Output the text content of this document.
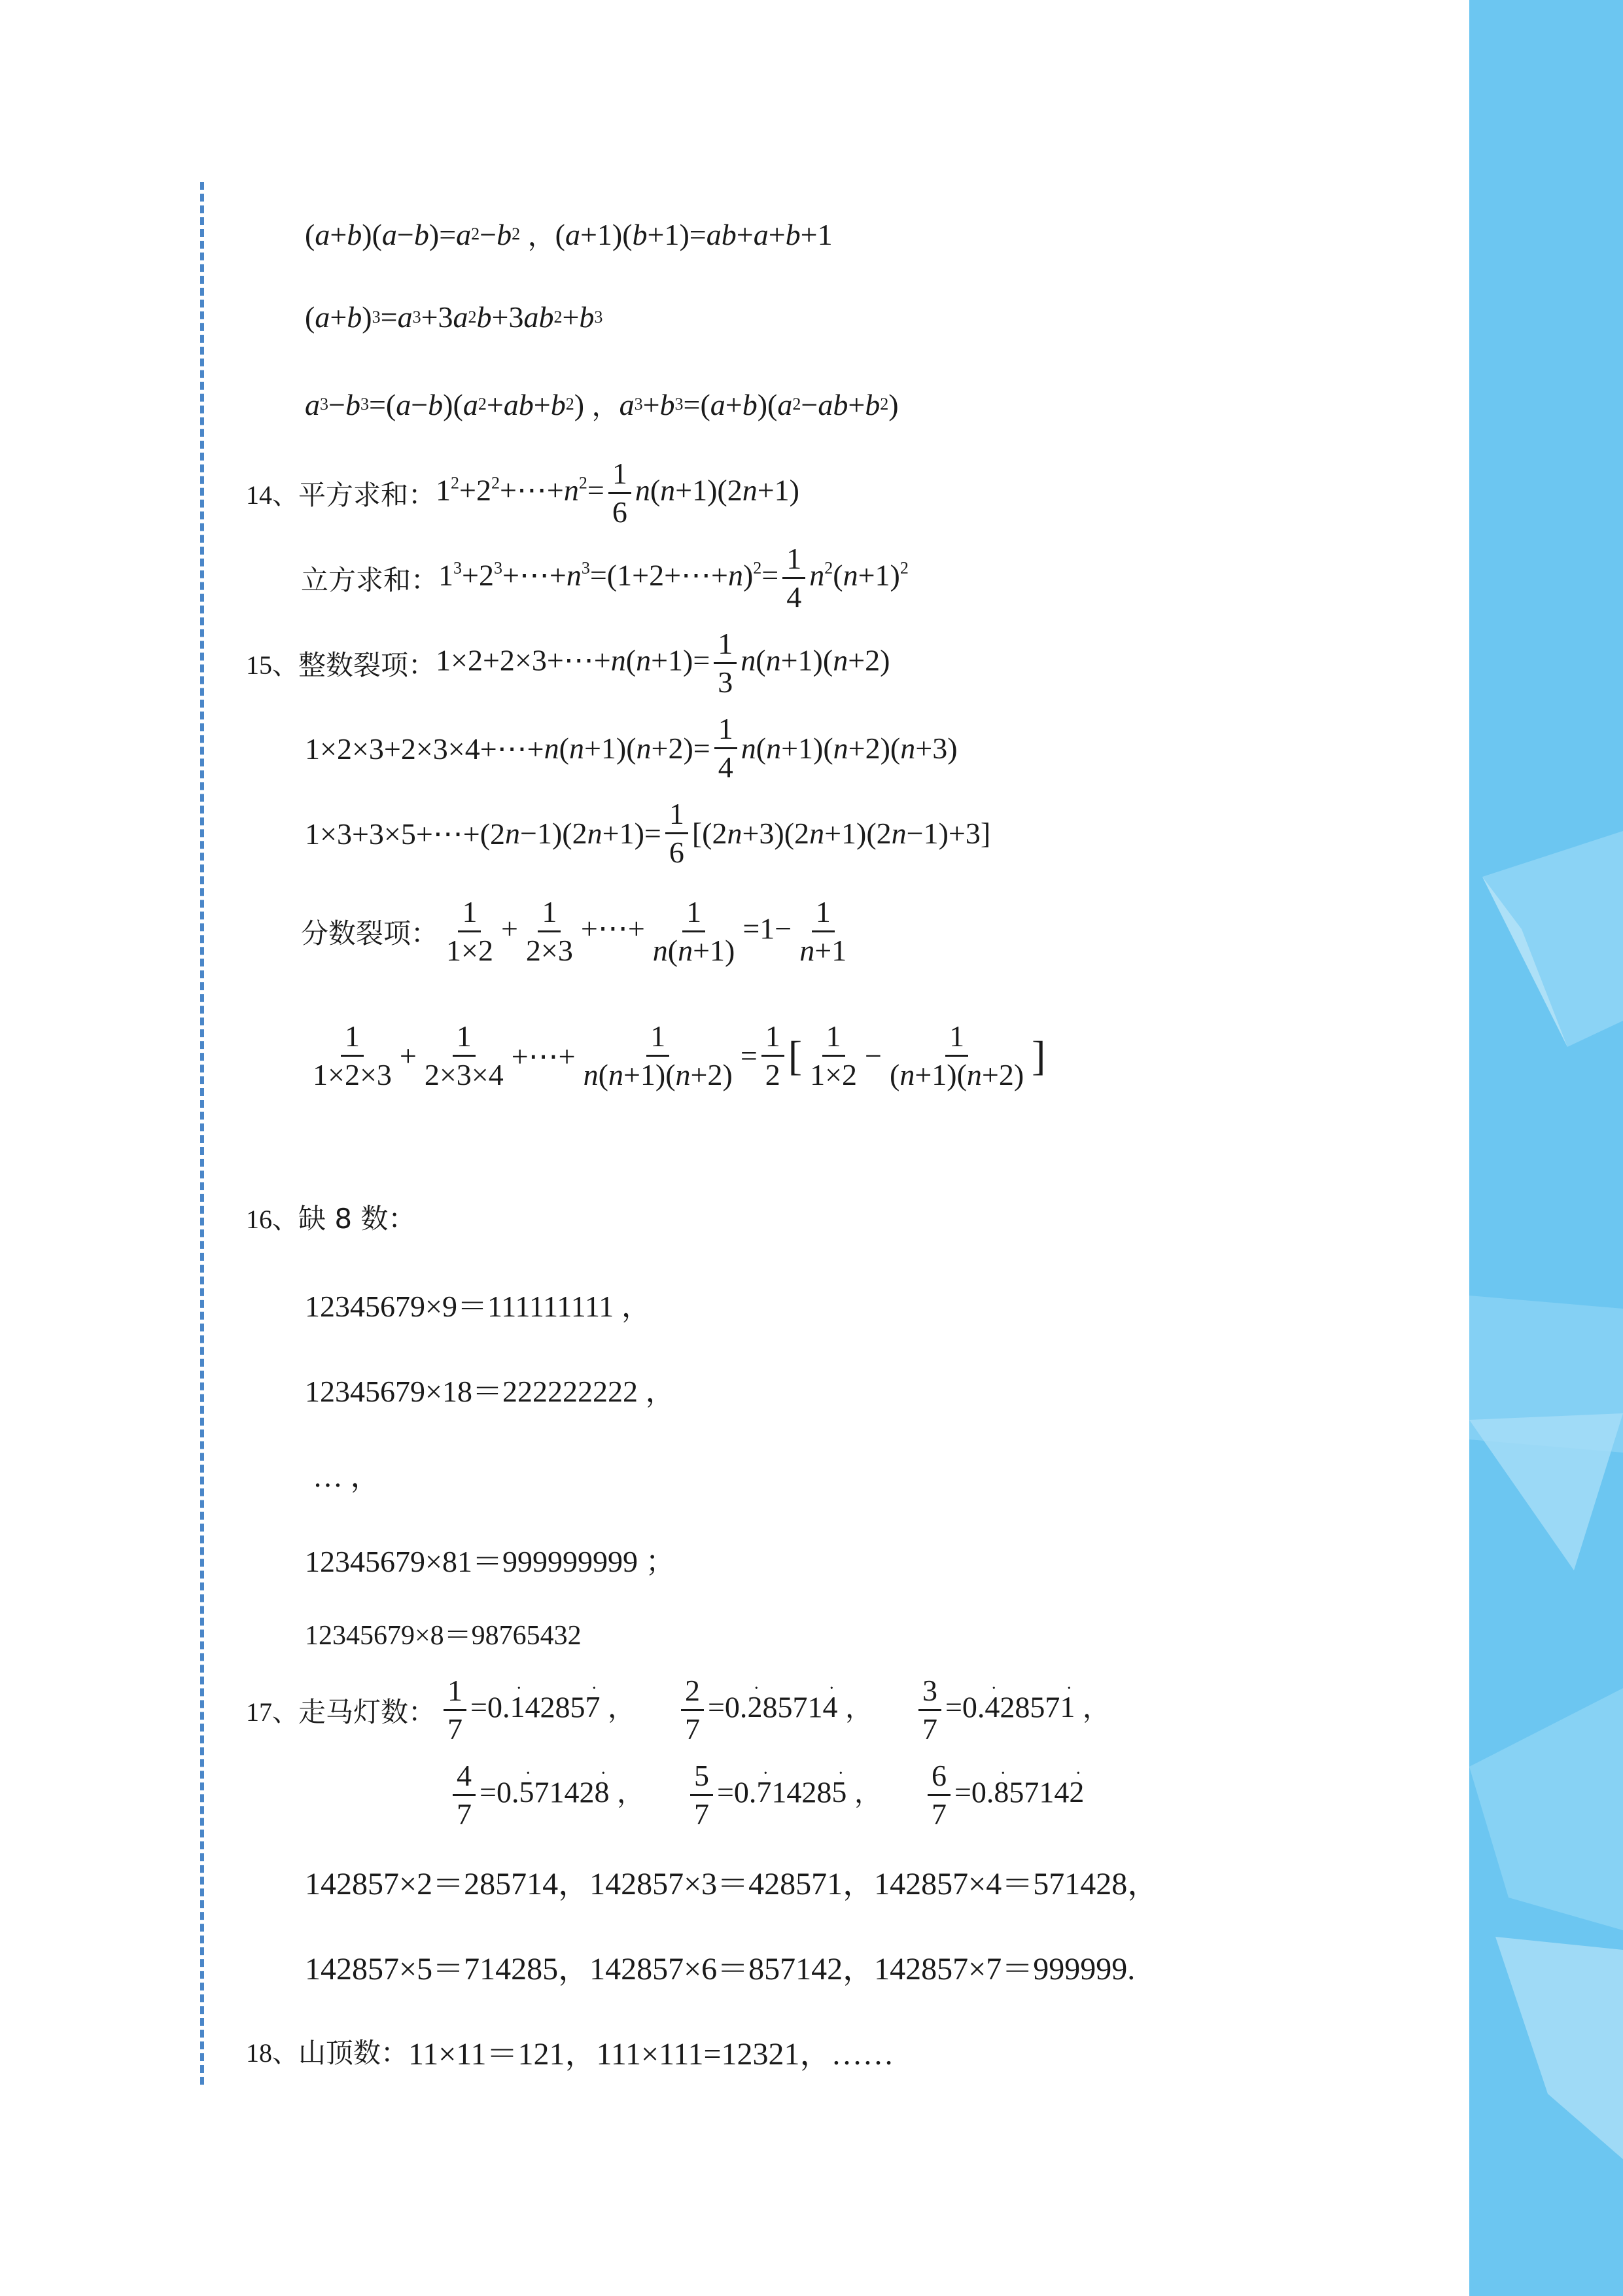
( a + b )( a − b )= a 2 − b 2
， ( a +1)( b +1)= ab + a + b +1
( a + b ) 3 = a 3 +3 a 2 b +3 ab 2 + b 3
a 3 − b 3 =( a − b )( a 2 + ab + b 2 ) ， a 3 + b 3 =( a + b )( a 2 − ab + b 2 )
14、 平方求和： $1^2+2^2+\cdots+n^2= \frac{1}{6} n(n+1)(2n+1)$
立方求和： $1^3+2^3+\cdots+n^3=(1+2+\cdots+n)^2= \frac{1}{4} n^2(n+1)^2$
15、 整数裂项： 1×2+2×3+⋯+n(n+1)= $\frac{1}{3} n(n+1)(n+2)$
1×2×3+2×3×4+⋯+ n ( n +1)( $n +2)= \frac{1}{4}$ n ( n +1)( n +2)( n +3)
1×3+3×5+⋯+(2 n −1)(2 $n +1)= \frac{1}{6} [(2$ n +3)(2 n +1)(2 n −1)+3]
分数裂项： $\frac{1}{1\times 2} + \frac{1}{2\times 3}$ +⋯+ $\frac{1}{n(n+1)} =1- \frac{1}{n+1}$
$\frac{1}{1\times 2\times 3} + \frac{1}{2\times 3\times 4}$ +⋯+ $\frac{1}{n(n+1)(n+2)} = \frac{1}{2}$ [ $\frac{1}{1\times 2} - \frac{1}{(n+1)(n+2)}$ ]
16、 缺 8 数：
12345679×9＝111111111 ，
12345679×18＝222222222 ，
… ，
12345679×81＝999999999 ；
12345679×8＝98765432
17、 走马灯数： $\frac{1}{7} =0.\cdot 14285\cdot 7$ ， $\frac{2}{7} =0.\cdot 28571\cdot 4$ ， $\frac{3}{7} =0.\cdot 42857\cdot 1$ ，
$\frac{4}{7} =0.\cdot 57142\cdot 8$ ， $\frac{5}{7} =0.\cdot 71428\cdot 5$ ， $\frac{6}{7} =0.\cdot 85714\cdot 2$
142857×2＝285714，142857×3＝428571，142857×4＝571428，
142857×5＝714285，142857×6＝857142，142857×7＝999999.
18、 山顶数： 11×11＝121，111×111=12321，……
